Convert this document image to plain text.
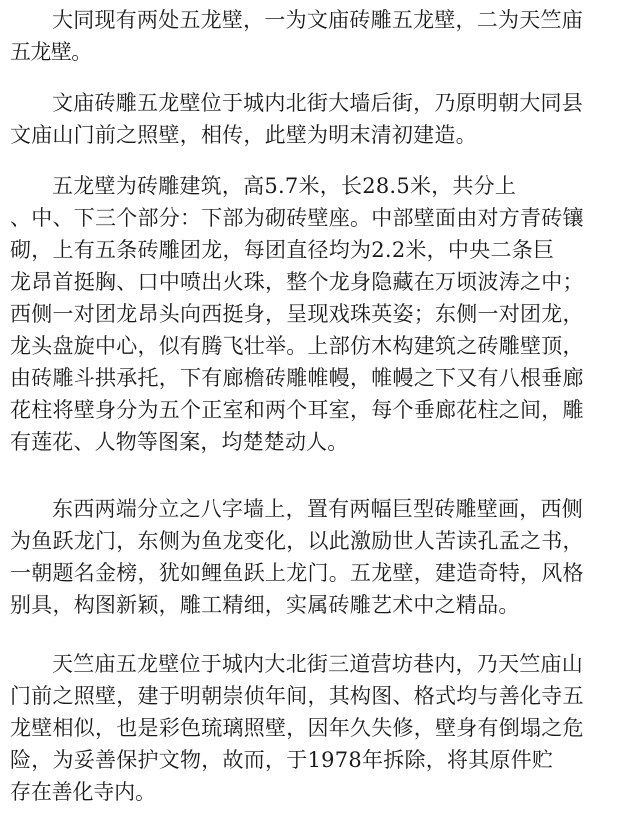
大同现有两处五龙壁，一为文庙砖雕五龙壁，二为天竺庙
五龙壁。
文庙砖雕五龙壁位于城内北街大墙后街，乃原明朝大同县
文庙山门前之照壁，相传，此壁为明末清初建造。
五龙壁为砖雕建筑，高5.7米，长28.5米，共分上
、中、下三个部分：下部为砌砖壁座。中部壁面由对方青砖镶
砌，上有五条砖雕团龙，每团直径均为2.2米，中央二条巨
龙昂首挺胸、口中喷出火珠，整个龙身隐藏在万顷波涛之中；
西侧一对团龙昂头向西挺身，呈现戏珠英姿；东侧一对团龙，
龙头盘旋中心，似有腾飞壮举。上部仿木构建筑之砖雕壁顶，
由砖雕斗拱承托，下有廊檐砖雕帷幔，帷幔之下又有八根垂廊
花柱将壁身分为五个正室和两个耳室，每个垂廊花柱之间，雕
有莲花、人物等图案，均楚楚动人。
东西两端分立之八字墙上，置有两幅巨型砖雕壁画，西侧
为鱼跃龙门，东侧为鱼龙变化，以此激励世人苦读孔孟之书，
一朝题名金榜，犹如鲤鱼跃上龙门。五龙壁，建造奇特，风格
别具，构图新颖，雕工精细，实属砖雕艺术中之精品。
天竺庙五龙壁位于城内大北街三道营坊巷内，乃天竺庙山
门前之照壁，建于明朝崇侦年间，其构图、格式均与善化寺五
龙壁相似，也是彩色琉璃照壁，因年久失修，壁身有倒塌之危
险，为妥善保护文物，故而，于1978年拆除，将其原件贮
存在善化寺内。
